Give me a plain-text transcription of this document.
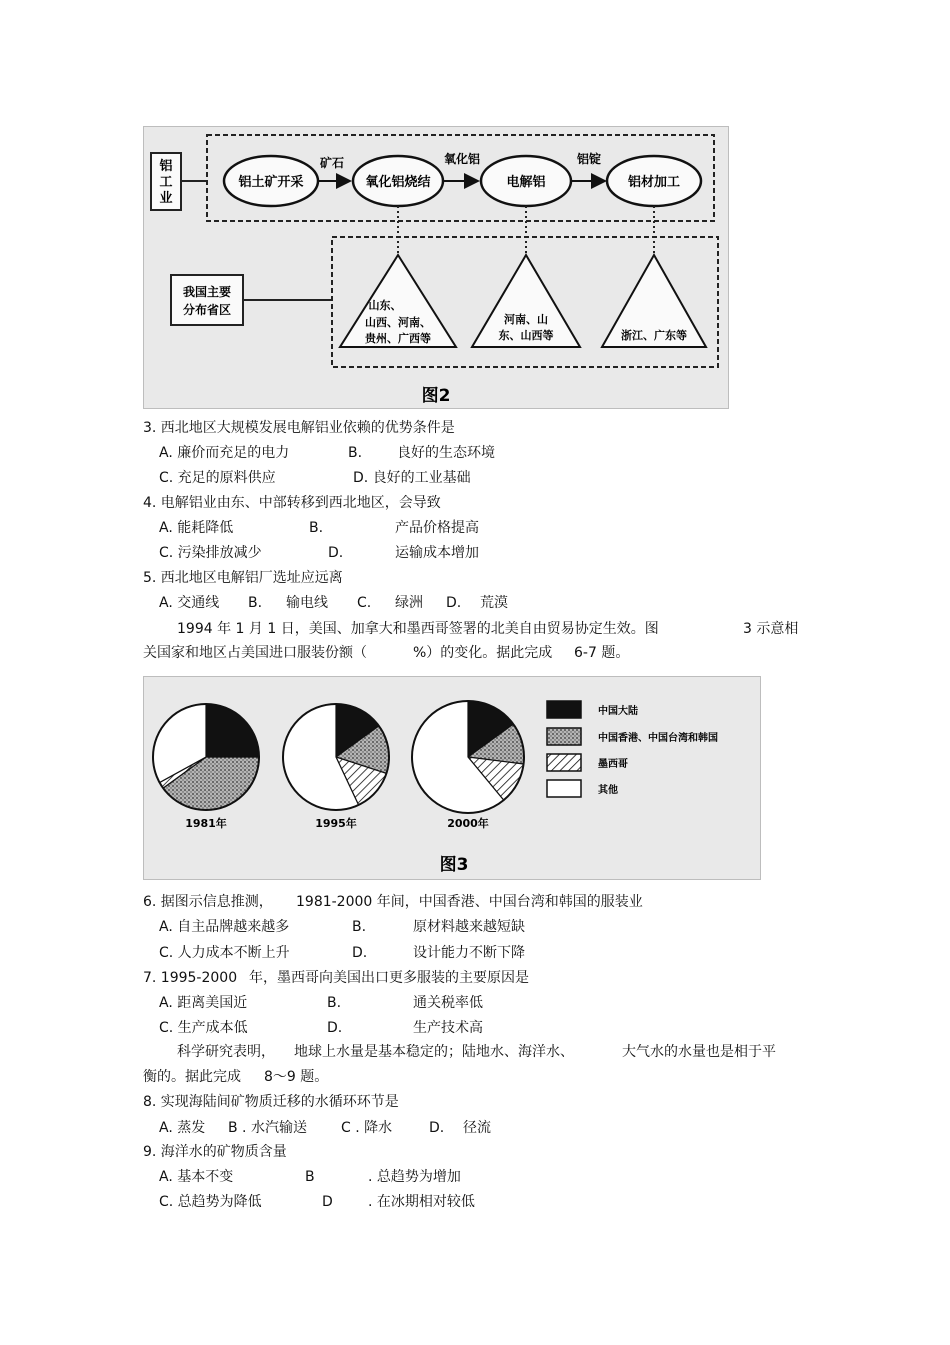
铝
工
业
我国主要
分布省区
铝土矿开采	氧化铝烧结	电解铝	铝材加工
矿石	氧化铝	铝锭
山东、
山西、河南、
贵州、广西等
河南、山
东、山西等	浙江、广东等
图2
3. 西北地区大规模发展电解铝业依赖的优势条件是
A. 廉价而充足的电力	B. 良好的生态环境
C. 充足的原料供应	D. 良好的工业基础
4. 电解铝业由东、中部转移到西北地区，会导致
A. 能耗降低	B.	产品价格提高
C. 污染排放减少	D.	运输成本增加
5. 西北地区电解铝厂选址应远离
A. 交通线 B. 输电线 C. 绿洲 D. 荒漠
1994 年 1 月 1 日，美国、加拿大和墨西哥签署的北美自由贸易协定生效。图	3 示意相
关国家和地区占美国进口服装份额（	%）的变化。据此完成 6-7 题。
1981年	1995年	2000年
中国大陆
中国香港、中国台湾和韩国
墨西哥
其他
图3
6. 据图示信息推测， 1981-2000 年间，中国香港、中国台湾和韩国的服装业
A. 自主品牌越来越多	B.	原材料越来越短缺
C. 人力成本不断上升	D.	设计能力不断下降
7. 1995-2000 年，墨西哥向美国出口更多服装的主要原因是
A. 距离美国近	B.	通关税率低
C. 生产成本低	D.	生产技术高
科学研究表明， 地球上水量是基本稳定的；陆地水、海洋水、	大气水的水量也是相于平
衡的。据此完成 8～9 题。
8. 实现海陆间矿物质迁移的水循环环节是
A. 蒸发 B . 水汽输送 C . 降水	D. 径流
9. 海洋水的矿物质含量
A. 基本不变	B	. 总趋势为增加
C. 总趋势为降低	D	. 在冰期相对较低
